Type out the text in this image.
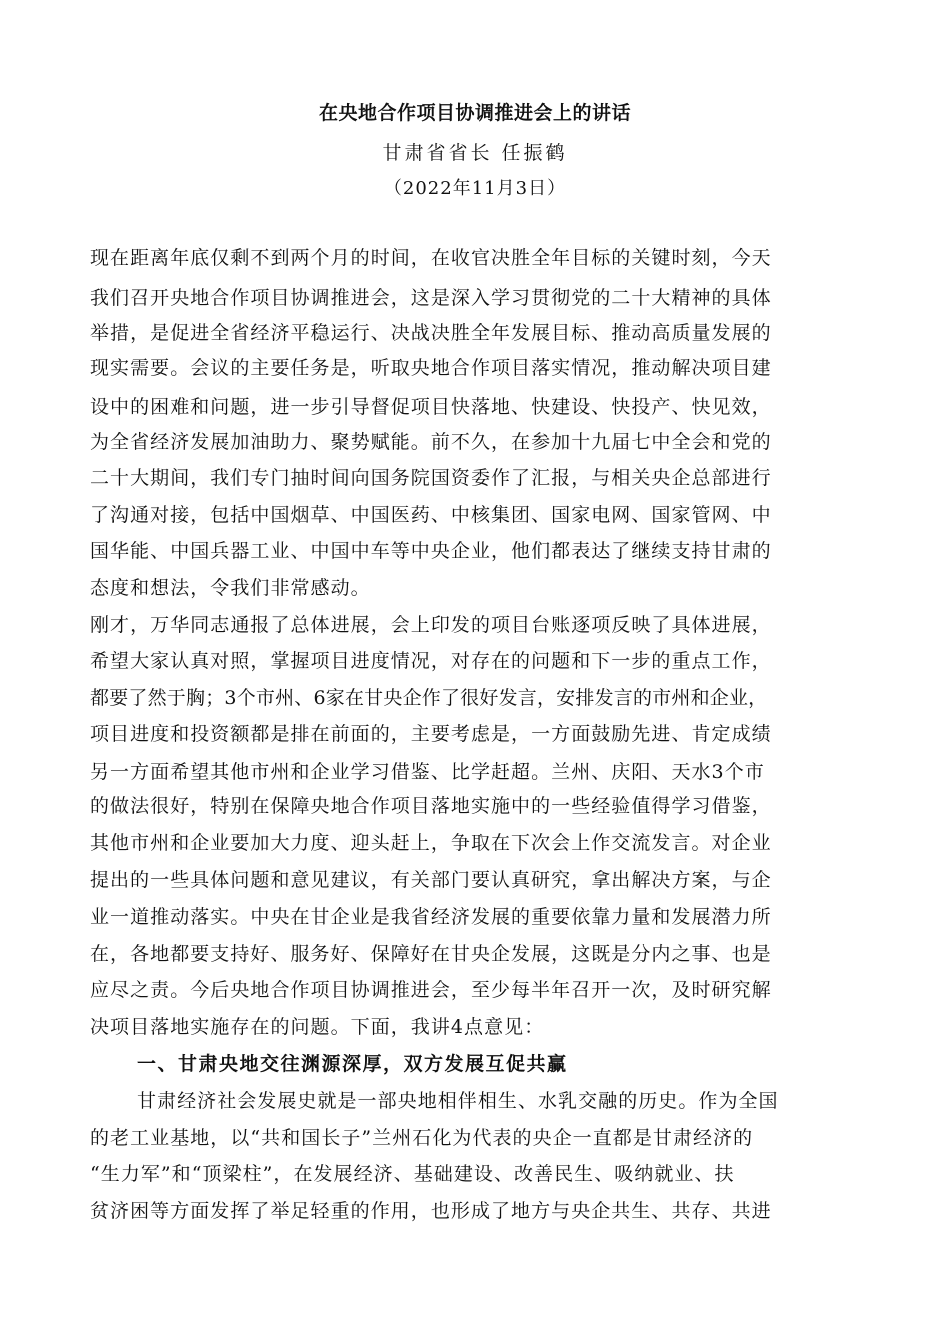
在央地合作项目协调推进会上的讲话
甘肃省省长 任振鹤
（2022年11月3日）
现在距离年底仅剩不到两个月的时间，在收官决胜全年目标的关键时刻，今天
我们召开央地合作项目协调推进会，这是深入学习贯彻党的二十大精神的具体
举措，是促进全省经济平稳运行、决战决胜全年发展目标、推动高质量发展的
现实需要。会议的主要任务是，听取央地合作项目落实情况，推动解决项目建
设中的困难和问题，进一步引导督促项目快落地、快建设、快投产、快见效，
为全省经济发展加油助力、聚势赋能。前不久，在参加十九届七中全会和党的
二十大期间，我们专门抽时间向国务院国资委作了汇报，与相关央企总部进行
了沟通对接，包括中国烟草、中国医药、中核集团、国家电网、国家管网、中
国华能、中国兵器工业、中国中车等中央企业，他们都表达了继续支持甘肃的
态度和想法，令我们非常感动。
刚才，万华同志通报了总体进展，会上印发的项目台账逐项反映了具体进展，
希望大家认真对照，掌握项目进度情况，对存在的问题和下一步的重点工作，
都要了然于胸；3个市州、6家在甘央企作了很好发言，安排发言的市州和企业，
项目进度和投资额都是排在前面的，主要考虑是，一方面鼓励先进、肯定成绩
另一方面希望其他市州和企业学习借鉴、比学赶超。兰州、庆阳、天水3个市
的做法很好，特别在保障央地合作项目落地实施中的一些经验值得学习借鉴，
其他市州和企业要加大力度、迎头赶上，争取在下次会上作交流发言。对企业
提出的一些具体问题和意见建议，有关部门要认真研究，拿出解决方案，与企
业一道推动落实。中央在甘企业是我省经济发展的重要依靠力量和发展潜力所
在，各地都要支持好、服务好、保障好在甘央企发展，这既是分内之事、也是
应尽之责。今后央地合作项目协调推进会，至少每半年召开一次，及时研究解
决项目落地实施存在的问题。下面，我讲4点意见：
一、甘肃央地交往渊源深厚，双方发展互促共赢
甘肃经济社会发展史就是一部央地相伴相生、水乳交融的历史。作为全国
的老工业基地，以“共和国长子”兰州石化为代表的央企一直都是甘肃经济的
“生力军”和“顶梁柱”，在发展经济、基础建设、改善民生、吸纳就业、扶
贫济困等方面发挥了举足轻重的作用，也形成了地方与央企共生、共存、共进
